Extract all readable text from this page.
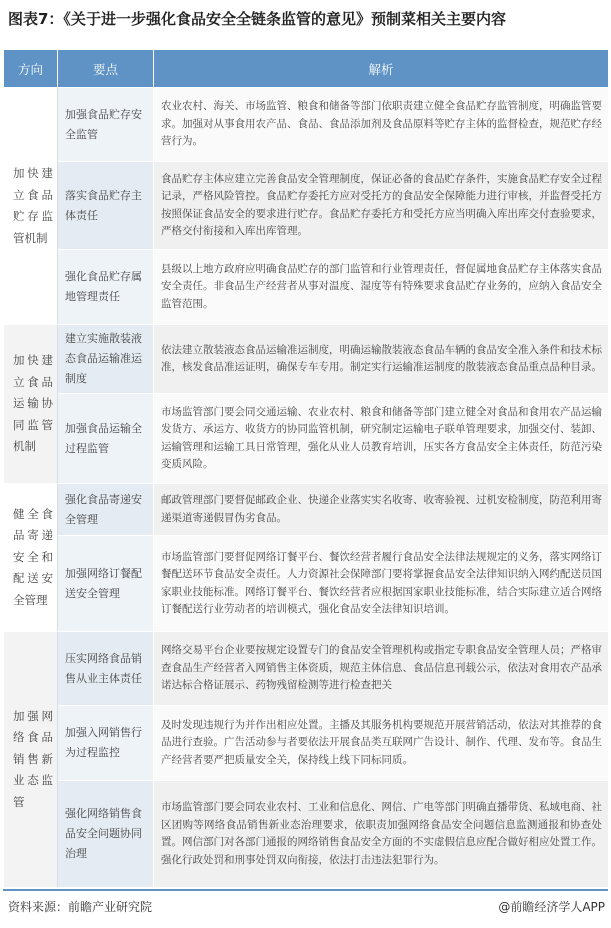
图表7：《关于进一步强化食品安全全链条监管的意见》预制菜相关主要内容
方向	要点	解析
加快建立食品贮存监管机制	加强食品贮存安全监管	农业农村、海关、市场监管、粮食和储备等部门依职责建立健全食品贮存监管制度，明确监管要求。加强对从事食用农产品、食品、食品添加剂及食品原料等贮存主体的监督检查，规范贮存经营行为。
	落实食品贮存主体责任	食品贮存主体应建立完善食品安全管理制度，保证必备的食品贮存条件，实施食品贮存安全过程记录，严格风险管控。食品贮存委托方应对受托方的食品安全保障能力进行审核，并监督受托方按照保证食品安全的要求进行贮存。食品贮存委托方和受托方应当明确入库出库交付查验要求，严格交付衔接和入库出库管理。
	强化食品贮存属地管理责任	县级以上地方政府应明确食品贮存的部门监管和行业管理责任，督促属地食品贮存主体落实食品安全责任。非食品生产经营者从事对温度、湿度等有特殊要求食品贮存业务的，应纳入食品安全监管范围。
加快建立食品运输协同监管机制	建立实施散装液态食品运输准运制度	依法建立散装液态食品运输准运制度，明确运输散装液态食品车辆的食品安全准入条件和技术标准，核发食品准运证明，确保专车专用。制定实行运输准运制度的散装液态食品重点品种目录。
	加强食品运输全过程监管	市场监管部门要会同交通运输、农业农村、粮食和储备等部门建立健全对食品和食用农产品运输发货方、承运方、收货方的协同监管机制，研究制定运输电子联单管理要求，加强交付、装卸、运输管理和运输工具日常管理，强化从业人员教育培训，压实各方食品安全主体责任，防范污染变质风险。
健全食品寄递安全和配送安全管理	强化食品寄递安全管理	邮政管理部门要督促邮政企业、快递企业落实实名收寄、收寄验视、过机安检制度，防范利用寄递渠道寄递假冒伪劣食品。
	加强网络订餐配送安全管理	市场监管部门要督促网络订餐平台、餐饮经营者履行食品安全法律法规规定的义务，落实网络订餐配送环节食品安全责任。人力资源社会保障部门要将掌握食品安全法律知识纳入网约配送员国家职业技能标准。网络订餐平台、餐饮经营者应根据国家职业技能标准，结合实际建立适合网络订餐配送行业劳动者的培训模式，强化食品安全法律知识培训。
加强网络食品销售新业态监管	压实网络食品销售从业主体责任	网络交易平台企业要按规定设置专门的食品安全管理机构或指定专职食品安全管理人员；严格审查食品生产经营者入网销售主体资质，规范主体信息、食品信息刊载公示，依法对食用农产品承诺达标合格证展示、药物残留检测等进行检查把关
	加强入网销售行为过程监控	及时发现违规行为并作出相应处置。主播及其服务机构要规范开展营销活动，依法对其推荐的食品进行查验。广告活动参与者要依法开展食品类互联网广告设计、制作、代理、发布等。食品生产经营者要严把质量安全关，保持线上线下同标同质。
	强化网络销售食品安全问题协同治理	市场监管部门要会同农业农村、工业和信息化、网信、广电等部门明确直播带货、私域电商、社区团购等网络食品销售新业态治理要求，依职责加强网络食品安全问题信息监测通报和协查处置。网信部门对各部门通报的网络销售食品安全方面的不实虚假信息应配合做好相应处置工作。强化行政处罚和刑事处罚双向衔接，依法打击违法犯罪行为。
资料来源：前瞻产业研究院	@前瞻经济学人APP
